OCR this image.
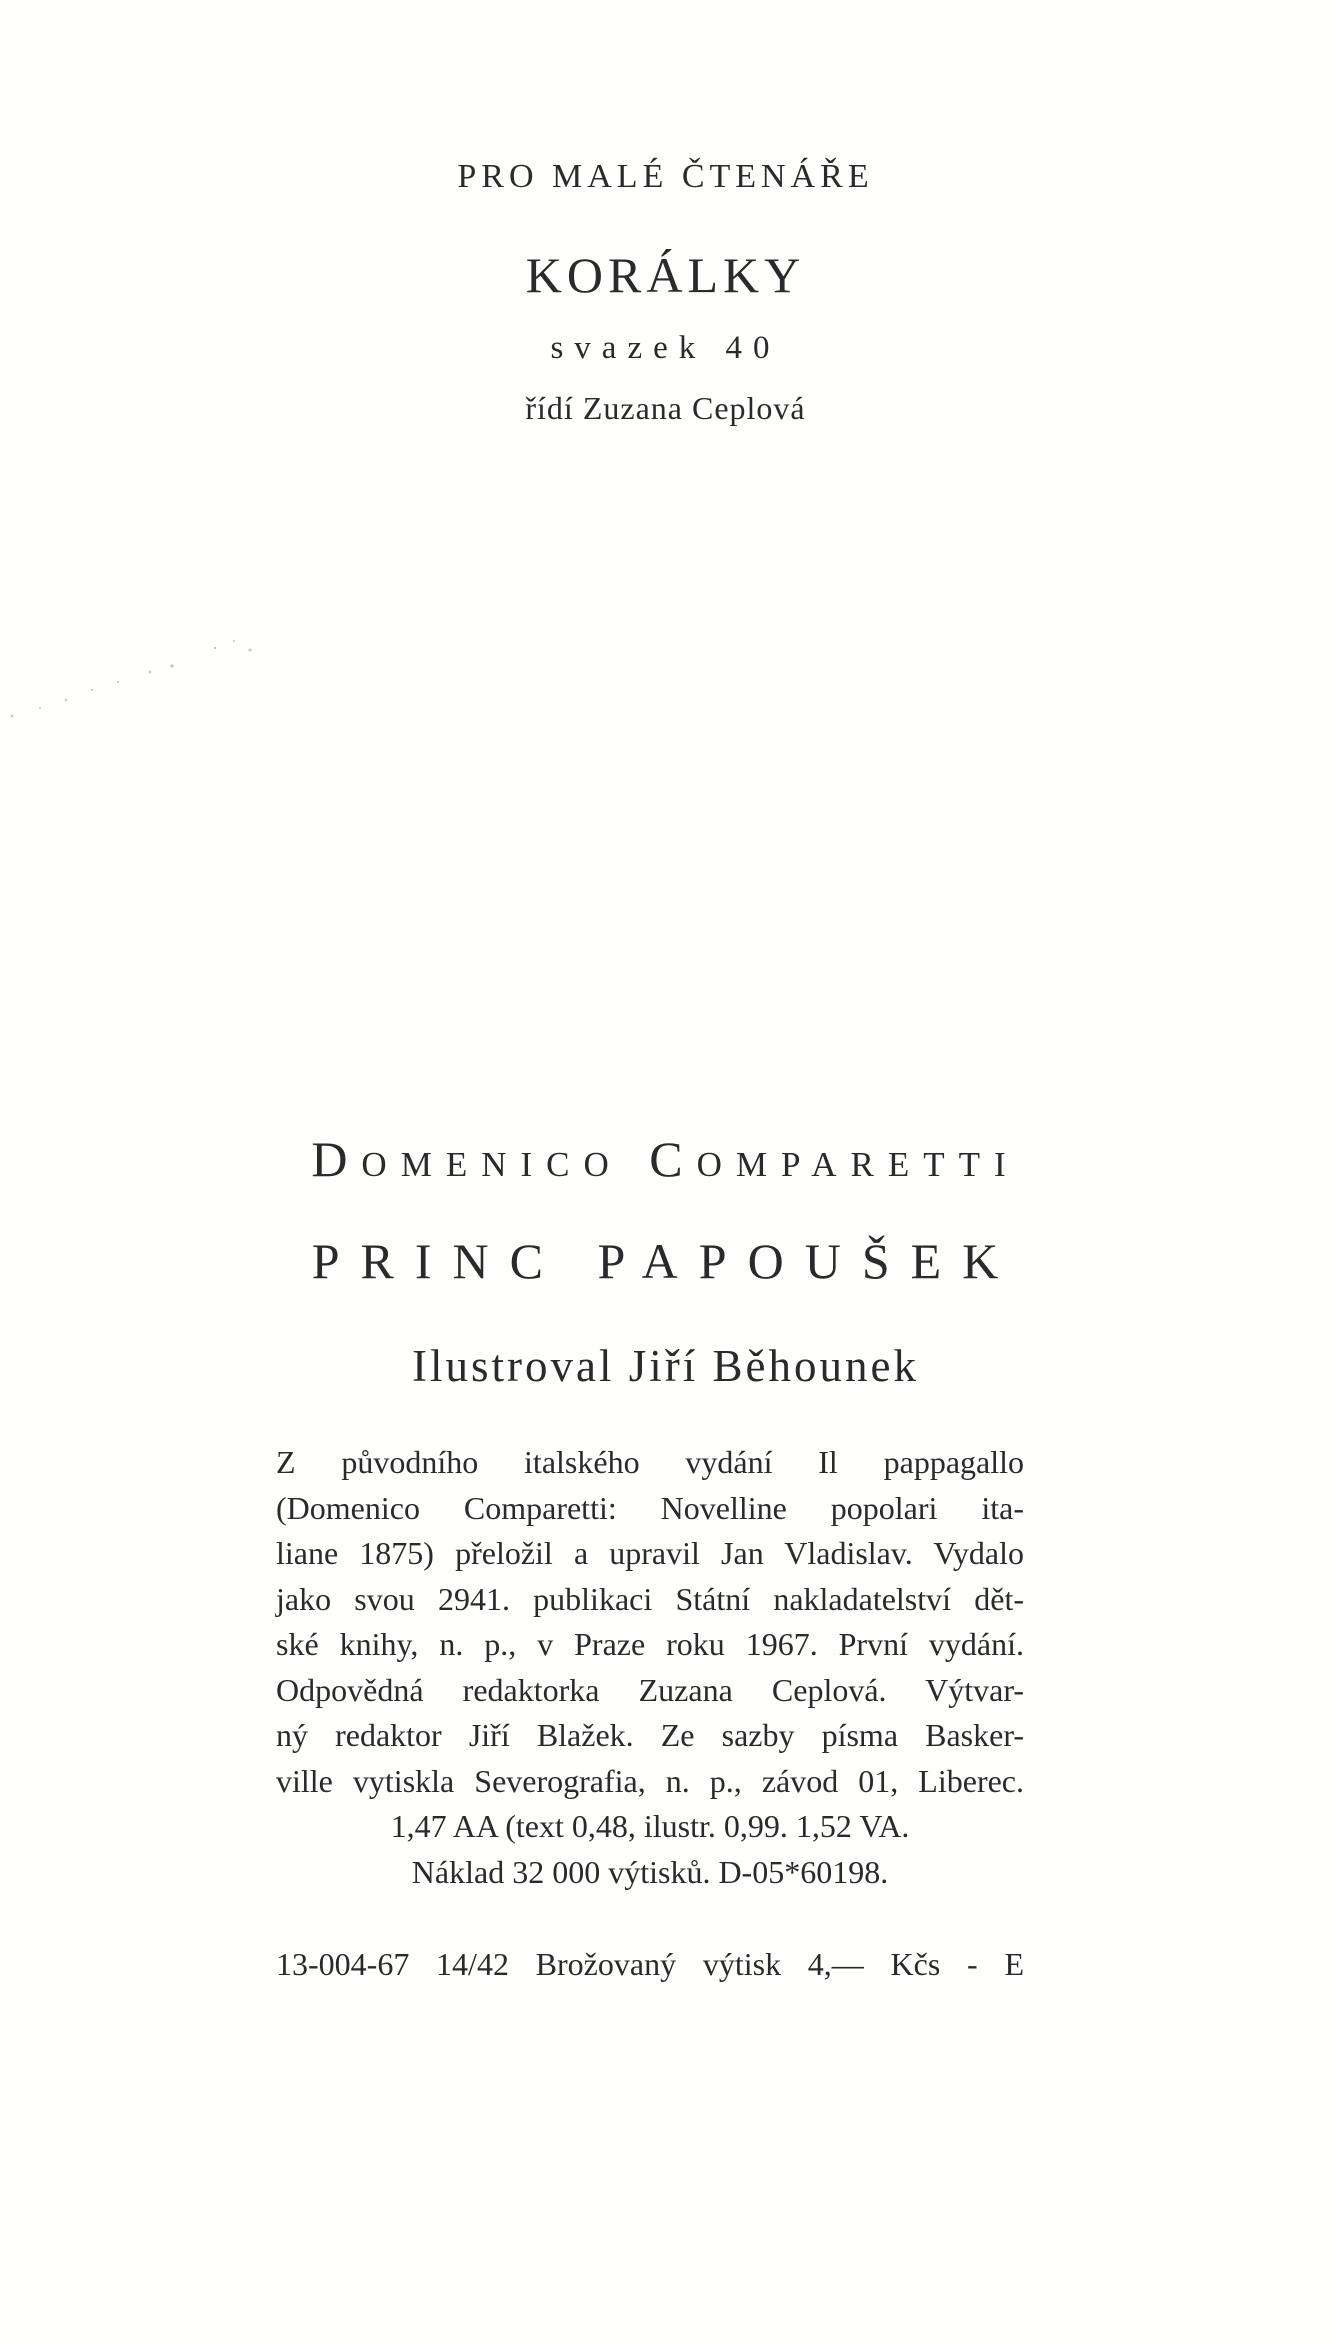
PRO MALÉ ČTENÁŘE
KORÁLKY
svazek 40
řídí Zuzana Ceplová
Domenico Comparetti
PRINC PAPOUŠEK
Ilustroval Jiří Běhounek
Z původního italského vydání Il pappagallo
(Domenico Comparetti: Novelline popolari ita-
liane 1875) přeložil a upravil Jan Vladislav. Vydalo
jako svou 2941. publikaci Státní nakladatelství dět-
ské knihy, n. p., v Praze roku 1967. První vydání.
Odpovědná redaktorka Zuzana Ceplová. Výtvar-
ný redaktor Jiří Blažek. Ze sazby písma Basker-
ville vytiskla Severografia, n. p., závod 01, Liberec.
1,47 AA (text 0,48, ilustr. 0,99. 1,52 VA.
Náklad 32 000 výtisků. D-05*60198.
13-004-67 14/42 Brožovaný výtisk 4,— Kčs - E
